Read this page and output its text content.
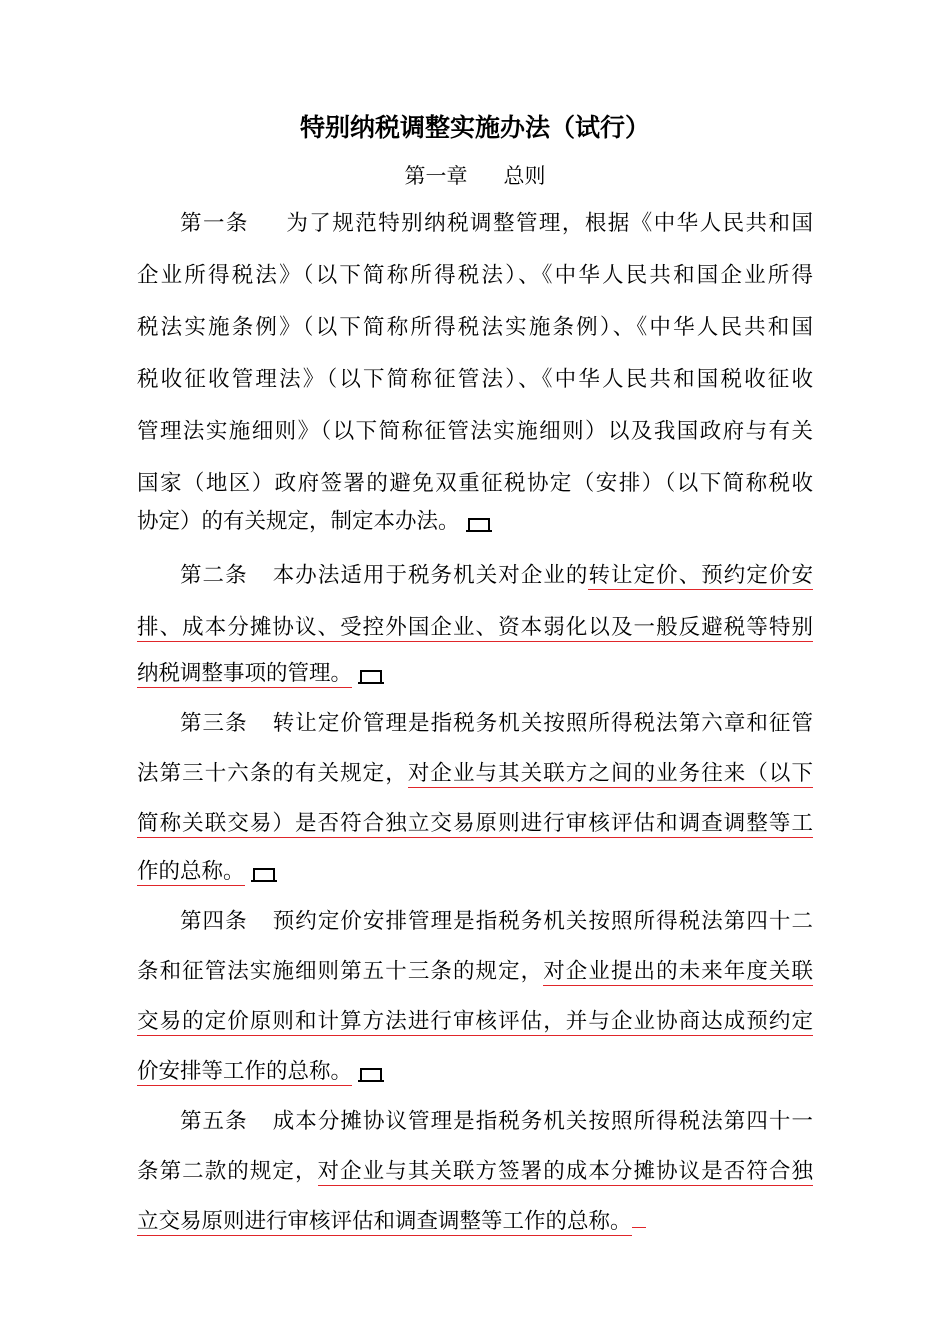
特别纳税调整实施办法（试行）
第一章 总则
第一条 为了规范特别纳税调整管理，根据《中华人民共和国
企业所得税法》（以下简称所得税法）、《中华人民共和国企业所得
税法实施条例》（以下简称所得税法实施条例）、《中华人民共和国
税收征收管理法》（以下简称征管法）、《中华人民共和国税收征收
管理法实施细则》（以下简称征管法实施细则）以及我国政府与有关
国家（地区）政府签署的避免双重征税协定（安排）（以下简称税收
协定）的有关规定，制定本办法。
第二条 本办法适用于税务机关对企业的转让定价、预约定价安
排、成本分摊协议、受控外国企业、资本弱化以及一般反避税等特别
纳税调整事项的管理。
第三条 转让定价管理是指税务机关按照所得税法第六章和征管
法第三十六条的有关规定，对企业与其关联方之间的业务往来（以下
简称关联交易）是否符合独立交易原则进行审核评估和调查调整等工
作的总称。
第四条 预约定价安排管理是指税务机关按照所得税法第四十二
条和征管法实施细则第五十三条的规定，对企业提出的未来年度关联
交易的定价原则和计算方法进行审核评估，并与企业协商达成预约定
价安排等工作的总称。
第五条 成本分摊协议管理是指税务机关按照所得税法第四十一
条第二款的规定，对企业与其关联方签署的成本分摊协议是否符合独
立交易原则进行审核评估和调查调整等工作的总称。
